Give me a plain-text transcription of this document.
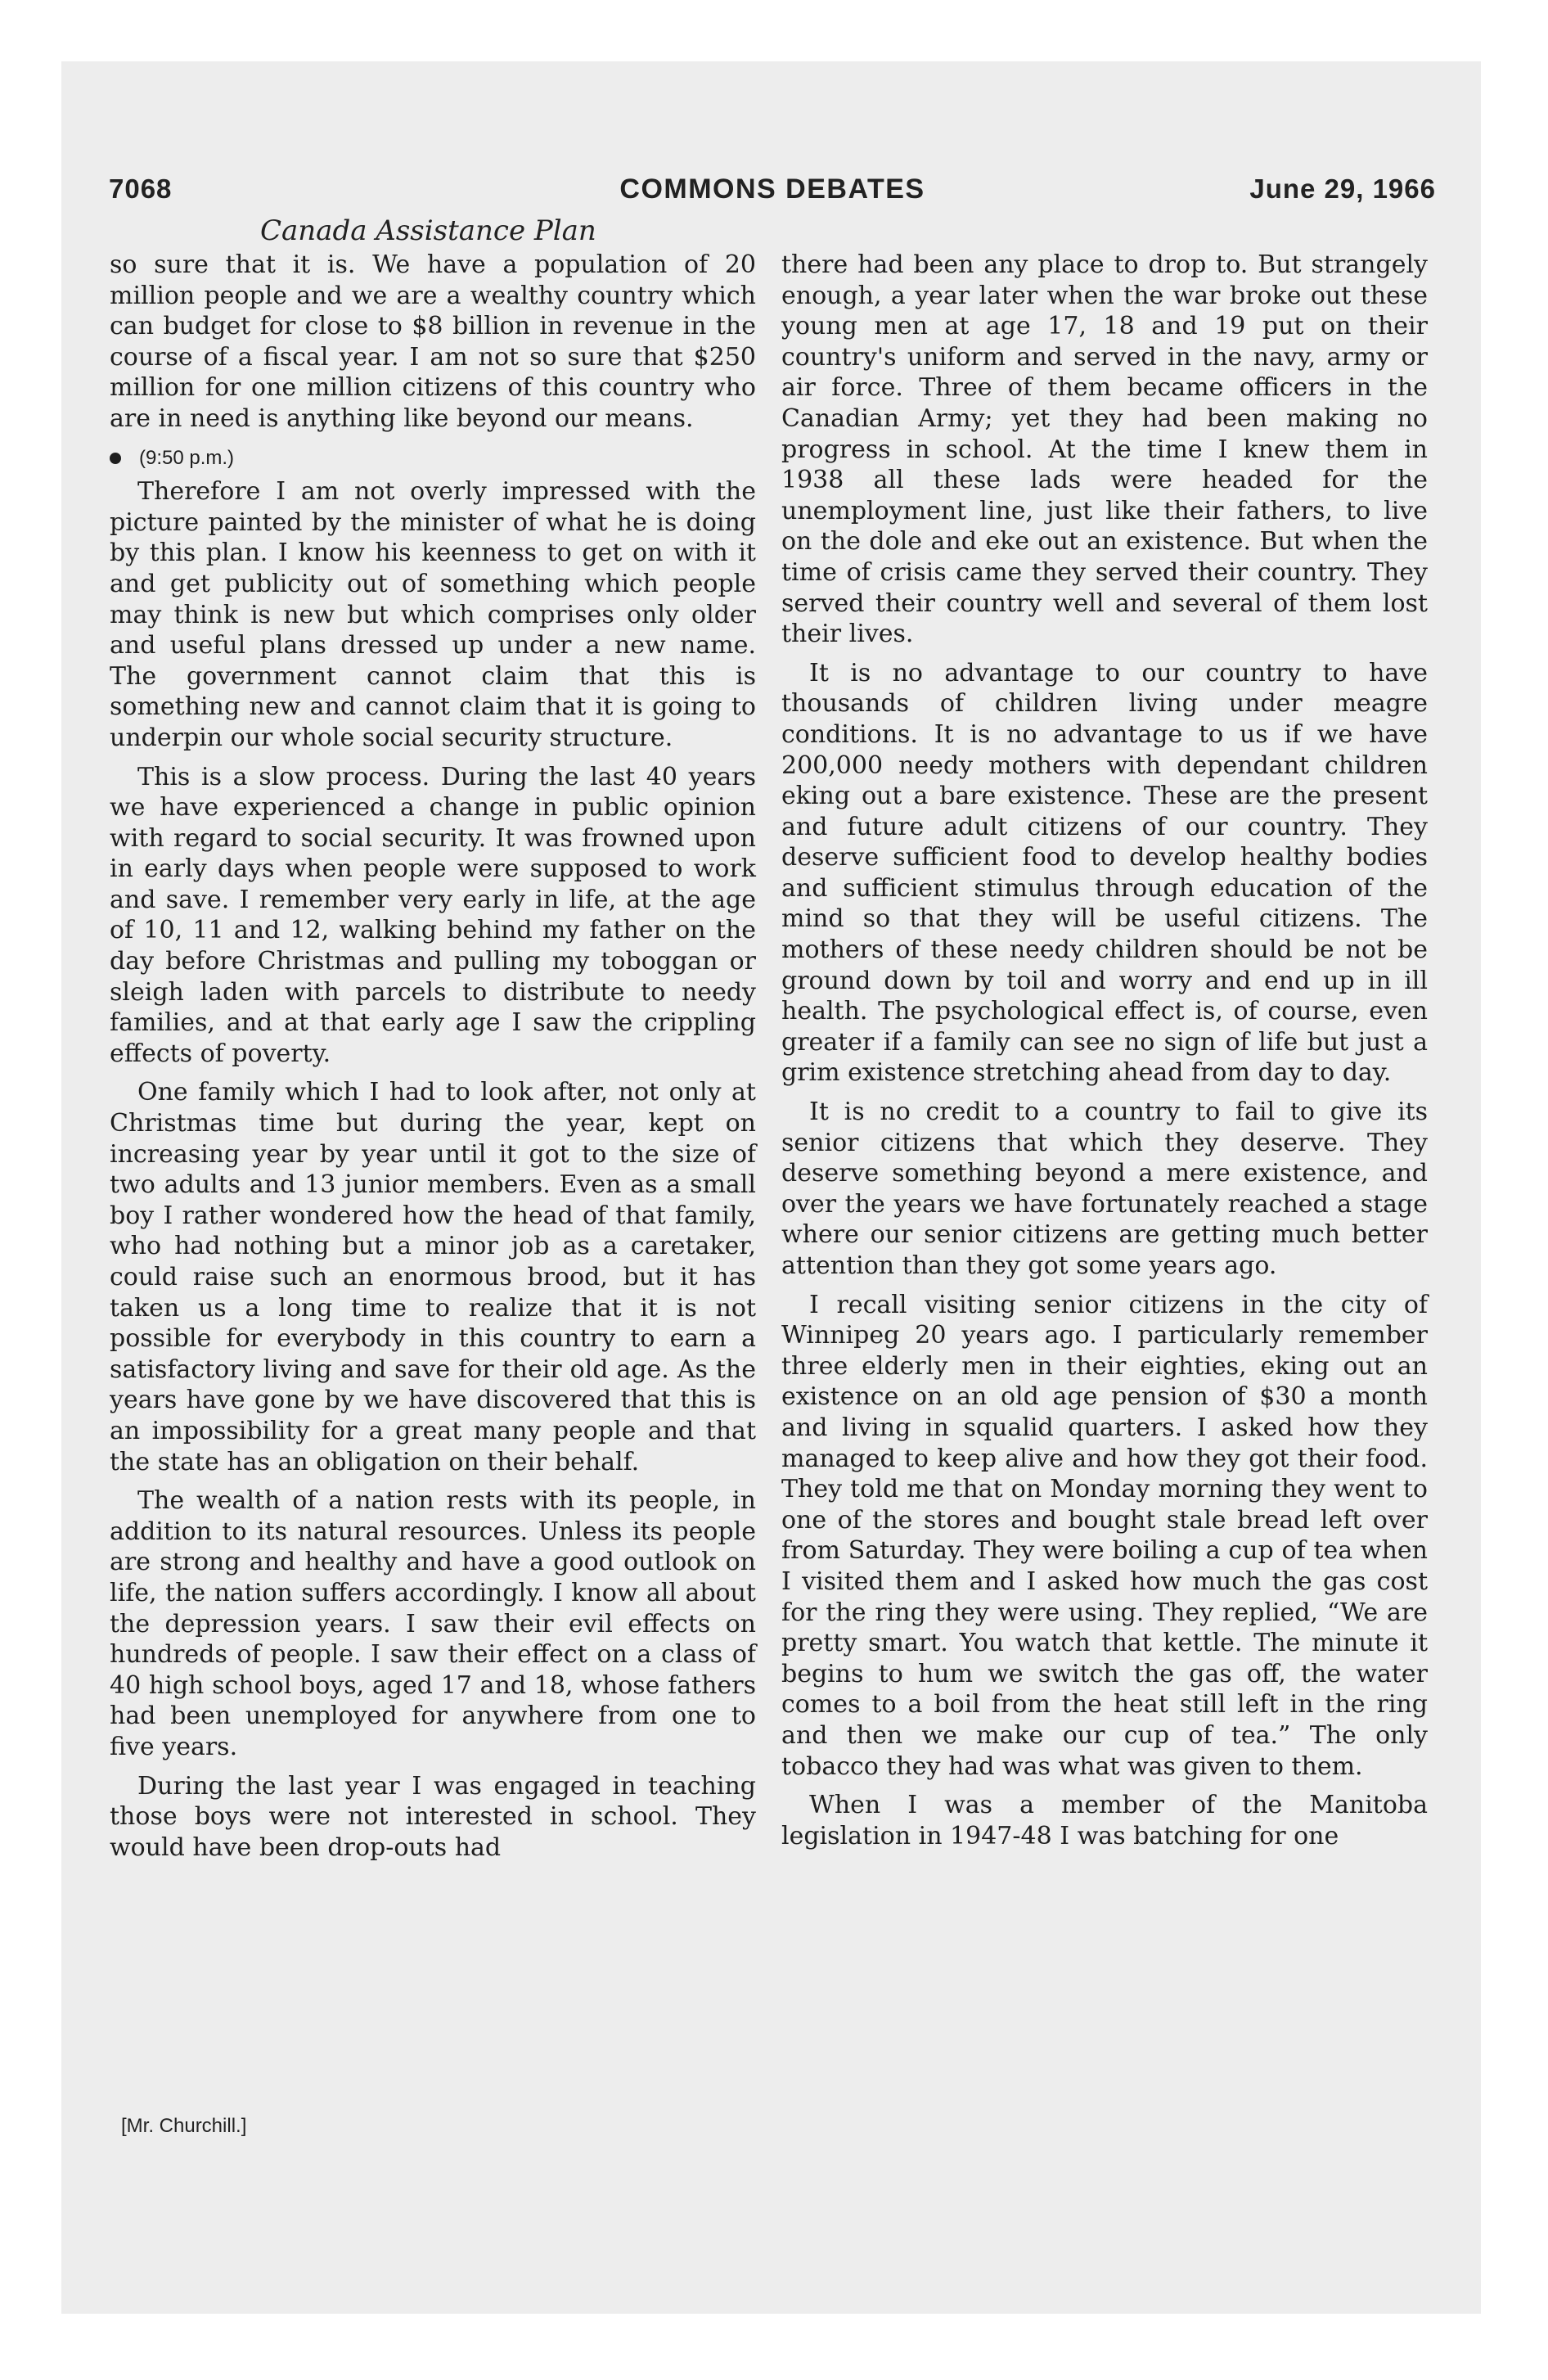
7068	COMMONS DEBATES	June 29, 1966
Canada Assistance Plan

so sure that it is. We have a population of 20 million people and we are a wealthy country which can budget for close to $8 billion in revenue in the course of a fiscal year. I am not so sure that $250 million for one million citizens of this country who are in need is anything like beyond our means.

(9:50 p.m.)

Therefore I am not overly impressed with the picture painted by the minister of what he is doing by this plan. I know his keenness to get on with it and get publicity out of something which people may think is new but which comprises only older and useful plans dressed up under a new name. The government cannot claim that this is something new and cannot claim that it is going to underpin our whole social security structure.

This is a slow process. During the last 40 years we have experienced a change in public opinion with regard to social security. It was frowned upon in early days when people were supposed to work and save. I remember very early in life, at the age of 10, 11 and 12, walking behind my father on the day before Christmas and pulling my toboggan or sleigh laden with parcels to distribute to needy families, and at that early age I saw the crippling effects of poverty.

One family which I had to look after, not only at Christmas time but during the year, kept on increasing year by year until it got to the size of two adults and 13 junior members. Even as a small boy I rather wondered how the head of that family, who had nothing but a minor job as a caretaker, could raise such an enormous brood, but it has taken us a long time to realize that it is not possible for everybody in this country to earn a satisfactory living and save for their old age. As the years have gone by we have discovered that this is an impossibility for a great many people and that the state has an obligation on their behalf.

The wealth of a nation rests with its people, in addition to its natural resources. Unless its people are strong and healthy and have a good outlook on life, the nation suffers accordingly. I know all about the depression years. I saw their evil effects on hundreds of people. I saw their effect on a class of 40 high school boys, aged 17 and 18, whose fathers had been unemployed for anywhere from one to five years.

During the last year I was engaged in teaching those boys were not interested in school. They would have been drop-outs had

there had been any place to drop to. But strangely enough, a year later when the war broke out these young men at age 17, 18 and 19 put on their country's uniform and served in the navy, army or air force. Three of them became officers in the Canadian Army; yet they had been making no progress in school. At the time I knew them in 1938 all these lads were headed for the unemployment line, just like their fathers, to live on the dole and eke out an existence. But when the time of crisis came they served their country. They served their country well and several of them lost their lives.

It is no advantage to our country to have thousands of children living under meagre conditions. It is no advantage to us if we have 200,000 needy mothers with dependant children eking out a bare existence. These are the present and future adult citizens of our country. They deserve sufficient food to develop healthy bodies and sufficient stimulus through education of the mind so that they will be useful citizens. The mothers of these needy children should be not be ground down by toil and worry and end up in ill health. The psychological effect is, of course, even greater if a family can see no sign of life but just a grim existence stretching ahead from day to day.

It is no credit to a country to fail to give its senior citizens that which they deserve. They deserve something beyond a mere existence, and over the years we have fortunately reached a stage where our senior citizens are getting much better attention than they got some years ago.

I recall visiting senior citizens in the city of Winnipeg 20 years ago. I particularly remember three elderly men in their eighties, eking out an existence on an old age pension of $30 a month and living in squalid quarters. I asked how they managed to keep alive and how they got their food. They told me that on Monday morning they went to one of the stores and bought stale bread left over from Saturday. They were boiling a cup of tea when I visited them and I asked how much the gas cost for the ring they were using. They replied, “We are pretty smart. You watch that kettle. The minute it begins to hum we switch the gas off, the water comes to a boil from the heat still left in the ring and then we make our cup of tea.” The only tobacco they had was what was given to them.

When I was a member of the Manitoba legislation in 1947-48 I was batching for one

[Mr. Churchill.]
